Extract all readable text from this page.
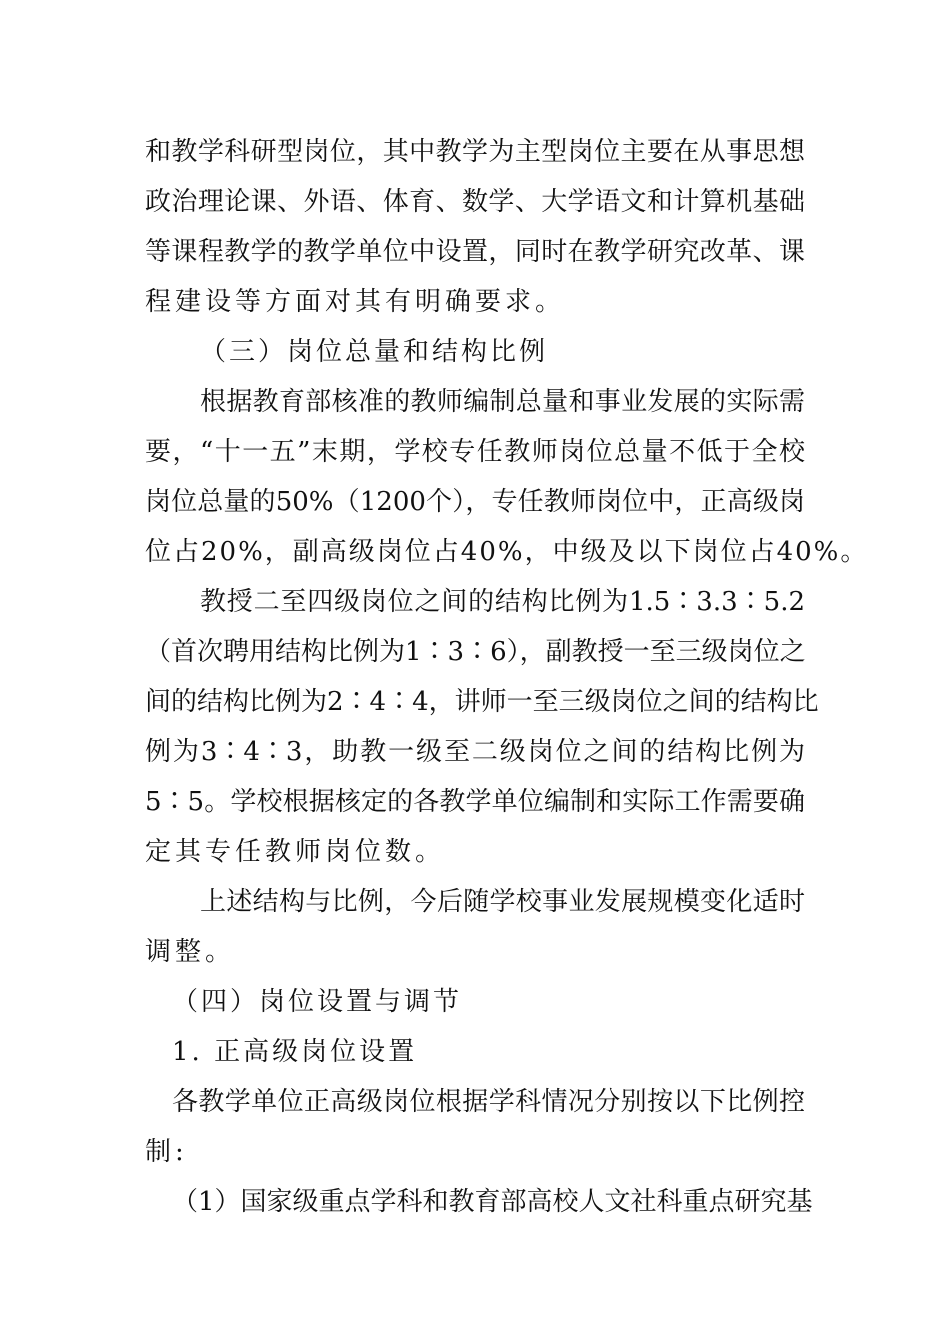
和教学科研型岗位，其中教学为主型岗位主要在从事思想
政治理论课、外语、体育、数学、大学语文和计算机基础
等课程教学的教学单位中设置，同时在教学研究改革、课
程建设等方面对其有明确要求。
（三）岗位总量和结构比例
根据教育部核准的教师编制总量和事业发展的实际需
要，“十一五”末期，学校专任教师岗位总量不低于全校
岗位总量的50%（1200个），专任教师岗位中，正高级岗
位占20%，副高级岗位占40%，中级及以下岗位占40%。
教授二至四级岗位之间的结构比例为1.5∶3.3∶5.2
（首次聘用结构比例为1∶3∶6），副教授一至三级岗位之
间的结构比例为2∶4∶4，讲师一至三级岗位之间的结构比
例为3∶4∶3，助教一级至二级岗位之间的结构比例为
5∶5。学校根据核定的各教学单位编制和实际工作需要确
定其专任教师岗位数。
上述结构与比例，今后随学校事业发展规模变化适时
调整。
（四）岗位设置与调节
1. 正高级岗位设置
各教学单位正高级岗位根据学科情况分别按以下比例控
制:
（1）国家级重点学科和教育部高校人文社科重点研究基
